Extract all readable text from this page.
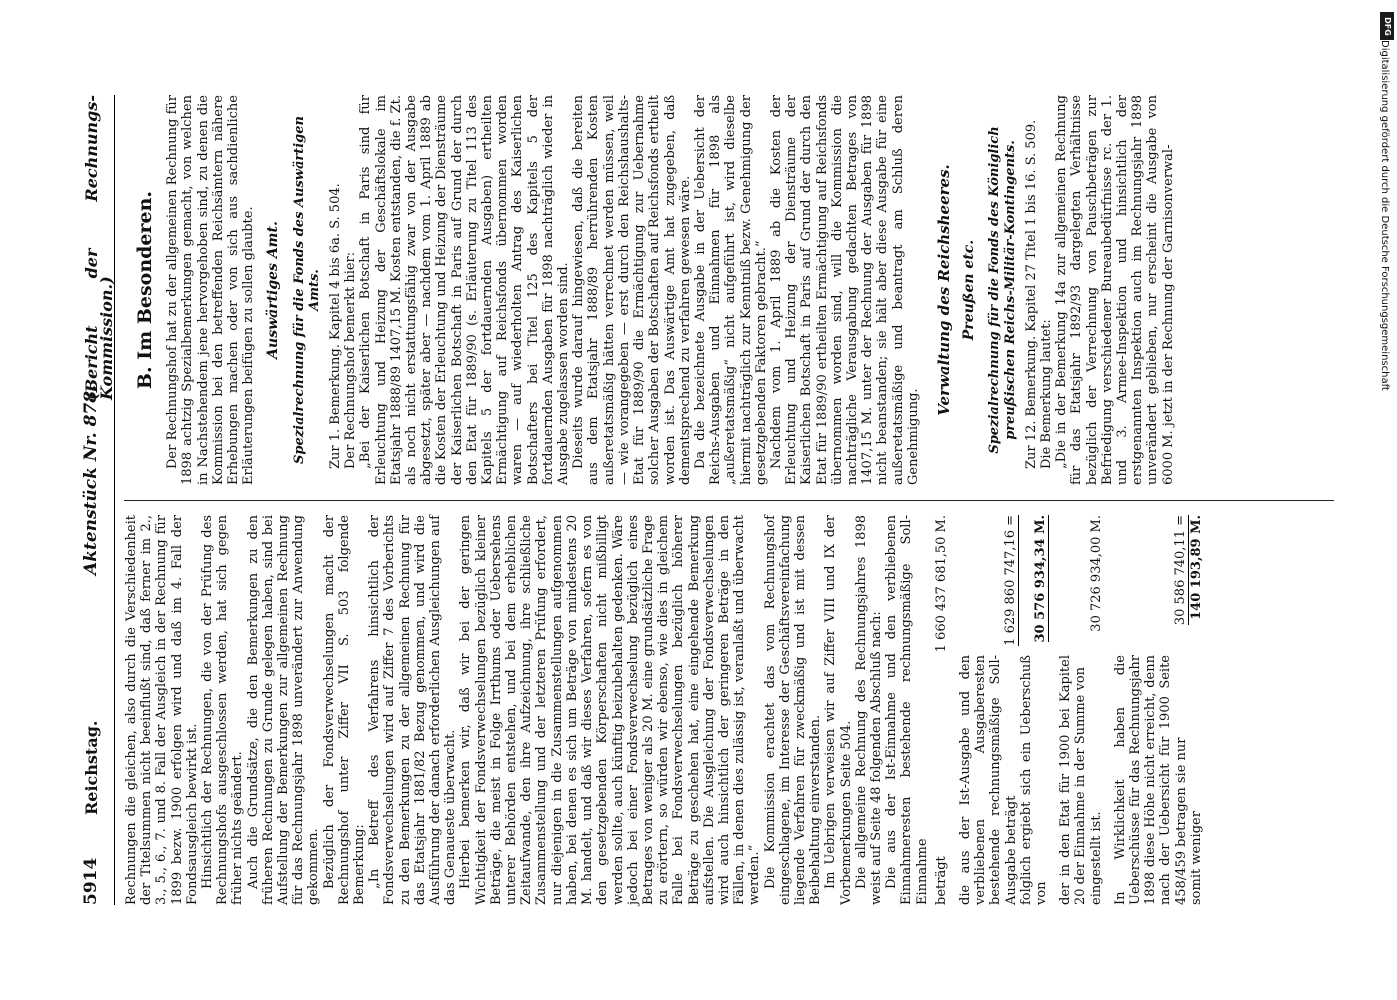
5914
Reichstag.
Aktenstück Nr. 878.
(Bericht der Rechnungs-Kommission.)

Rechnungen die gleichen, also durch die Verschiedenheit der Titelsummen nicht beeinflußt sind, daß ferner im 2., 3., 5., 6., 7. und 8. Fall der Ausgleich in der Rechnung für 1899 bezw. 1900 erfolgen wird und daß im 4. Fall der Fondsausgleich bewirkt ist. Hinsichtlich der Rechnungen, die von der Prüfung des Rechnungshofs ausgeschlossen werden, hat sich gegen früher nichts geändert. Auch die Grundsätze, die den Bemerkungen zu den früheren Rechnungen zu Grunde gelegen haben, sind bei Aufstellung der Bemerkungen zur allgemeinen Rechnung für das Rechnungsjahr 1898 unverändert zur Anwendung gekommen. Bezüglich der Fondsverwechselungen macht der Rechnungshof unter Ziffer VII S. 503 folgende Bemerkung: „In Betreff des Verfahrens hinsichtlich der Fondsverwechselungen wird auf Ziffer 7 des Vorberichts zu den Bemerkungen zu der allgemeinen Rechnung für das Etatsjahr 1881/82 Bezug genommen, und wird die Ausführung der danach erforderlichen Ausgleichungen auf das Genaueste überwacht. Hierbei bemerken wir, daß wir bei der geringen Wichtigkeit der Fondsverwechselungen bezüglich kleiner Beträge, die meist in Folge Irrthums oder Uebersehens unterer Behörden entstehen, und bei dem erheblichen Zeitaufwande, den ihre Aufzeichnung, ihre schließliche Zusammenstellung und der letzteren Prüfung erfordert, nur diejenigen in die Zusammenstellungen aufgenommen haben, bei denen es sich um Beträge von mindestens 20 M. handelt, und daß wir dieses Verfahren, sofern es von den gesetzgebenden Körperschaften nicht mißbilligt werden sollte, auch künftig beizubehalten gedenken. Wäre jedoch bei einer Fondsverwechselung bezüglich eines Betrages von weniger als 20 M. eine grundsätzliche Frage zu erörtern, so würden wir ebenso, wie dies in gleichem Falle bei Fondsverwechselungen bezüglich höherer Beträge zu geschehen hat, eine eingehende Bemerkung aufstellen. Die Ausgleichung der Fondsverwechselungen wird auch hinsichtlich der geringeren Beträge in den Fällen, in denen dies zulässig ist, veranlaßt und überwacht werden.“ Die Kommission erachtet das vom Rechnungshof eingeschlagene, im Interesse der Geschäftsvereinfachung liegende Verfahren für zweckmäßig und ist mit dessen Beibehaltung einverstanden. Im Uebrigen verweisen wir auf Ziffer VIII und IX der Vorbemerkungen Seite 504. Die allgemeine Rechnung des Rechnungsjahres 1898 weist auf Seite 48 folgenden Abschluß nach: Die aus der Ist-Einnahme und den verbliebenen Einnahmeresten bestehende rechnungsmäßige Soll-Einnahme beträgt
1 660 437 681,50 M.
die aus der Ist-Ausgabe und den verbliebenen Ausgaberesten bestehende rechnungsmäßige Soll-Ausgabe beträgt
1 629 860 747,16 =
folglich ergiebt sich ein Ueberschuß von
30 576 934,34 M.
der in den Etat für 1900 bei Kapitel 20 der Einnahme in der Summe von eingestellt ist.
30 726 934,00 M.
In Wirklichkeit haben die Ueberschüsse für das Rechnungsjahr 1898 diese Höhe nicht erreicht, denn nach der Uebersicht für 1900 Seite 458/459 betragen sie nur
30 586 740,11 =
somit weniger
140 193,89 M.
B. Im Besonderen. Der Rechnungshof hat zu der allgemeinen Rechnung für 1898 achtzig Spezialbemerkungen gemacht, von welchen in Nachstehendem jene hervorgehoben sind, zu denen die Kommission bei den betreffenden Reichsämtern nähere Erhebungen machen oder von sich aus sachdienliche Erläuterungen beifügen zu sollen glaubte. Auswärtiges Amt. Spezialrechnung für die Fonds des Auswärtigen Amts. Zur 1. Bemerkung. Kapitel 4 bis 6a. S. 504. Der Rechnungshof bemerkt hier: „Bei der Kaiserlichen Botschaft in Paris sind für Erleuchtung und Heizung der Geschäftslokale im Etatsjahr 1888/89 1407,15 M. Kosten entstanden, die f. Zt. als noch nicht erstattungsfähig zwar von der Ausgabe abgesetzt, später aber — nachdem vom 1. April 1889 ab die Kosten der Erleuchtung und Heizung der Diensträume der Kaiserlichen Botschaft in Paris auf Grund der durch den Etat für 1889/90 (s. Erläuterung zu Titel 113 des Kapitels 5 der fortdauernden Ausgaben) ertheilten Ermächtigung auf Reichsfonds übernommen worden waren — auf wiederholten Antrag des Kaiserlichen Botschafters bei Titel 125 des Kapitels 5 der fortdauernden Ausgaben für 1898 nachträglich wieder in Ausgabe zugelassen worden sind. Dieseits wurde darauf hingewiesen, daß die bereiten aus dem Etatsjahr 1888/89 herrührenden Kosten außeretatsmäßig hätten verrechnet werden müssen, weil — wie vorangegeben — erst durch den Reichshaushalts-Etat für 1889/90 die Ermächtigung zur Uebernahme solcher Ausgaben der Botschaften auf Reichsfonds ertheilt worden ist. Das Auswärtige Amt hat zugegeben, daß dementsprechend zu verfahren gewesen wäre. Da die bezeichnete Ausgabe in der Uebersicht der Reichs-Ausgaben und Einnahmen für 1898 als „außeretatsmäßig“ nicht aufgeführt ist, wird dieselbe hiermit nachträglich zur Kenntniß bezw. Genehmigung der gesetzgebenden Faktoren gebracht.“ Nachdem vom 1. April 1889 ab die Kosten der Erleuchtung und Heizung der Diensträume der Kaiserlichen Botschaft in Paris auf Grund der durch den Etat für 1889/90 ertheilten Ermächtigung auf Reichsfonds übernommen worden sind, will die Kommission die nachträgliche Verausgabung gedachten Betrages von 1407,15 M. unter der Rechnung der Ausgaben für 1898 nicht beanstanden; sie hält aber diese Ausgabe für eine außeretatsmäßige und beantragt am Schluß deren Genehmigung.

Verwaltung des Reichsheeres. Preußen etc. Spezialrechnung für die Fonds des Königlich preußischen Reichs-Militär-Kontingents. Zur 12. Bemerkung. Kapitel 27 Titel 1 bis 16. S. 509. Die Bemerkung lautet: „Die in der Bemerkung 14a zur allgemeinen Rechnung für das Etatsjahr 1892/93 dargelegten Verhältnisse bezüglich der Verrechnung von Pauschbeträgen zur Befriedigung verschiedener Bureaubedürfnisse rc. der 1. und 3. Armee-Inspektion und hinsichtlich der erstgenannten Inspektion auch im Rechnungsjahr 1898 unverändert geblieben, nur erscheint die Ausgabe von 6000 M. jetzt in der Rechnung der Garnisonverwal-

DFG
Digitalisierung gefördert durch die Deutsche Forschungsgemeinschaft
